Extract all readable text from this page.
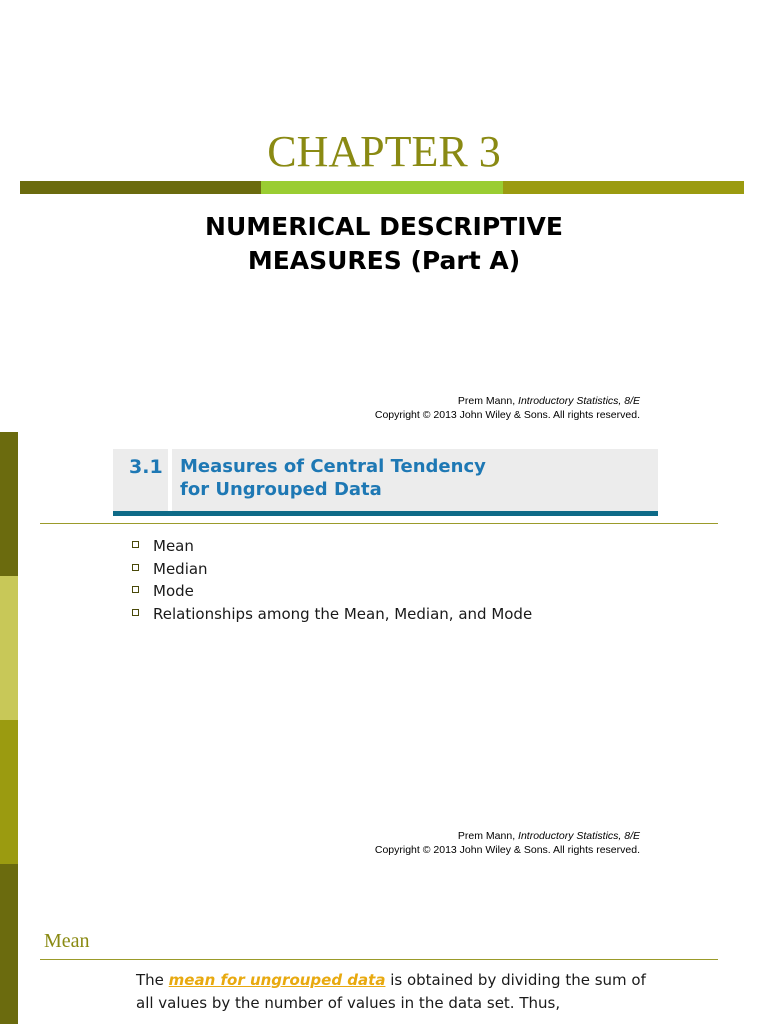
CHAPTER 3
NUMERICAL DESCRIPTIVE
MEASURES (Part A)
Prem Mann, Introductory Statistics, 8/E
Copyright © 2013 John Wiley & Sons. All rights reserved.
3.1 Measures of Central Tendency
for Ungrouped Data
Mean
Median
Mode
Relationships among the Mean, Median, and Mode
Prem Mann, Introductory Statistics, 8/E
Copyright © 2013 John Wiley & Sons. All rights reserved.
Mean
The mean for ungrouped data is obtained by dividing the sum of all values by the number of values in the data set. Thus,
